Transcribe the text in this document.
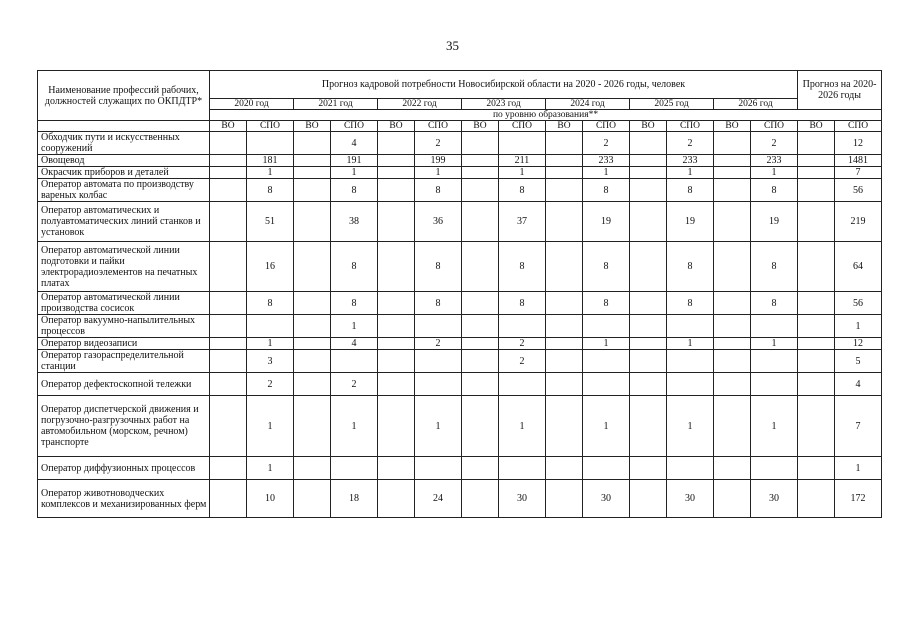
35
Наименование профессий рабочих, должностей служащих по ОКПДТР*	Прогноз кадровой потребности Новосибирской области на 2020 - 2026 годы, человек														Прогноз на 2020-2026 годы	
	2020 год		2021 год		2022 год		2023 год		2024 год		2025 год		2026 год			
	по уровню образования**															
	ВО	СПО	ВО	СПО	ВО	СПО	ВО	СПО	ВО	СПО	ВО	СПО	ВО	СПО	ВО	СПО
Обходчик пути и искусственных сооружений				4		2				2		2		2		12
Овощевод		181		191		199		211		233		233		233		1481
Окрасчик приборов и деталей		1		1		1		1		1		1		1		7
Оператор автомата по производству вареных колбас		8		8		8		8		8		8		8		56
Оператор автоматических и полуавтоматических линий станков и установок		51		38		36		37		19		19		19		219
Оператор автоматической линии подготовки и пайки электрорадиоэлементов на печатных платах		16		8		8		8		8		8		8		64
Оператор автоматической линии производства сосисок		8		8		8		8		8		8		8		56
Оператор вакуумно-напылительных процессов				1												1
Оператор видеозаписи		1		4		2		2		1		1		1		12
Оператор газораспределительной станции		3						2								5
Оператор дефектоскопной тележки		2		2												4
Оператор диспетчерской движения и погрузочно-разгрузочных работ на автомобильном (морском, речном) транспорте		1		1		1		1		1		1		1		7
Оператор диффузионных процессов		1														1
Оператор животноводческих комплексов и механизированных ферм		10		18		24		30		30		30		30		172
